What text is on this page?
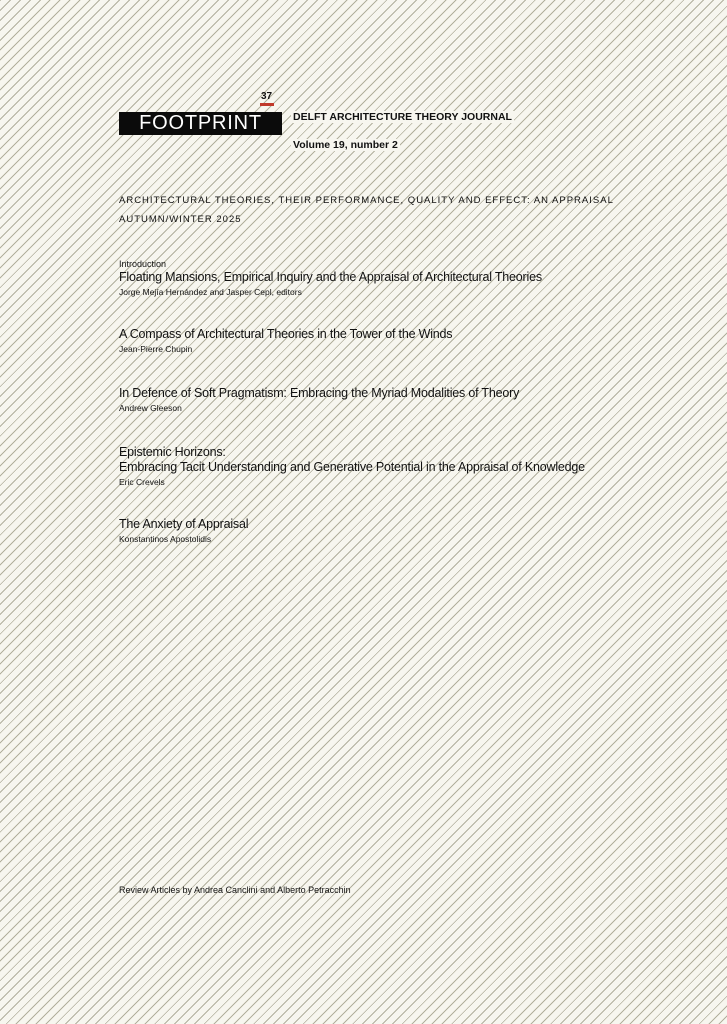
37
FOOTPRINT	DELFT ARCHITECTURE THEORY JOURNAL
Volume 19, number 2
ARCHITECTURAL THEORIES, THEIR PERFORMANCE, QUALITY AND EFFECT: AN APPRAISAL
AUTUMN/WINTER 2025
Introduction
Floating Mansions, Empirical Inquiry and the Appraisal of Architectural Theories
Jorge Mejía Hernández and Jasper Cepl, editors
A Compass of Architectural Theories in the Tower of the Winds
Jean-Pierre Chupin
In Defence of Soft Pragmatism: Embracing the Myriad Modalities of Theory
Andrew Gleeson
Epistemic Horizons:
Embracing Tacit Understanding and Generative Potential in the Appraisal of Knowledge
Eric Crevels
The Anxiety of Appraisal
Konstantinos Apostolidis
Review Articles by Andrea Canclini and Alberto Petracchin
